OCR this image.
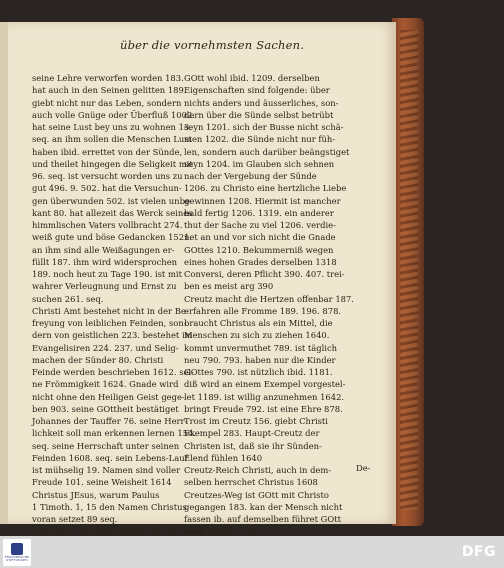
über die vornehmsten Sachen.
seine Lehre verworfen worden 183.
hat auch in den Seinen gelitten 189.
giebt nicht nur das Leben, sondern
auch volle Gnüge oder Überfluß 1002.
hat seine Lust bey uns zu wohnen 13.
seq. an ihm sollen die Menschen Lust
haben ibid. errettet von der Sünde,
und theilet hingegen die Seligkeit mit
96. seq. ist versucht worden uns zu
gut 496. 9. 502. hat die Versuchun-
gen überwunden 502. ist vielen unbe-
kant 80. hat allezeit das Werck seines
himmlischen Vaters vollbracht 274.
weiß gute und böse Gedancken 1521.
an ihm sind alle Weißagungen er-
füllt 187. ihm wird widersprochen
189. noch heut zu Tage 190. ist mit
wahrer Verleugnung und Ernst zu
suchen 261. seq.
Christi Amt bestehet nicht in der Be-
freyung von leiblichen Feinden, son-
dern von geistlichen 223. bestehet im
Evangelisiren 224. 237. und Selig-
machen der Sünder 80. Christi
Feinde werden beschrieben 1612. sei-
ne Frömmigkeit 1624. Gnade wird
nicht ohne den Heiligen Geist gege-
ben 903. seine GOttheit bestätiget
Johannes der Tauffer 76. seine Herr-
lichkeit soll man erkennen lernen 154.
seq. seine Herrschaft unter seinen
Feinden 1608. seq. sein Lebens-Lauf
ist mühselig 19. Namen sind voller
Freude 101. seine Weisheit 1614
Christus JEsus, warum Paulus
1 Timoth. 1, 15 den Namen Christus
voran setzet 89 seq.
Contrition, Zerknirschung, wie sie sonst
GOtt wohl ibid. 1209. derselben
Eigenschaften sind folgende: über
nichts anders und äusserliches, son-
dern über die Sünde selbst betrübt
seyn 1201. sich der Busse nicht schä-
men 1202. die Sünde nicht nur füh-
len, sondern auch darüber beängstiget
seyn 1204. im Glauben sich sehnen
nach der Vergebung der Sünde
1206. zu Christo eine hertzliche Liebe
gewinnen 1208. Hiermit ist mancher
bald fertig 1206. 1319. ein anderer
thut der Sache zu viel 1206. verdie-
net an und vor sich nicht die Gnade
GOttes 1210. Bekummerniß wegen
eines hohen Grades derselben 1318
Conversi, deren Pflicht 390. 407. trei-
ben es meist arg 390
Creutz macht die Hertzen offenbar 187.
erfahren alle Fromme 189. 196. 878.
braucht Christus als ein Mittel, die
Menschen zu sich zu ziehen 1640.
kommt unvermuthet 789. ist täglich
neu 790. 793. haben nur die Kinder
GOttes 790. ist nützlich ibid. 1181.
diß wird an einem Exempel vorgestel-
let 1189. ist willig anzunehmen 1642.
bringt Freude 792. ist eine Ehre 878.
Trost im Creutz 156. giebt Christi
Exempel 283. Haupt-Creutz der
Christen ist, daß sie ihr Sünden-
Elend fühlen 1640
Creutz-Reich Christi, auch in dem-
selben herrschet Christus 1608
Creutzes-Weg ist GOtt mit Christo
gegangen 183. kan der Mensch nicht
fassen ib. auf demselben führet GOtt
seine Kinder 192
De-
FRANCKESCHE STIFTUNGEN	DFG
